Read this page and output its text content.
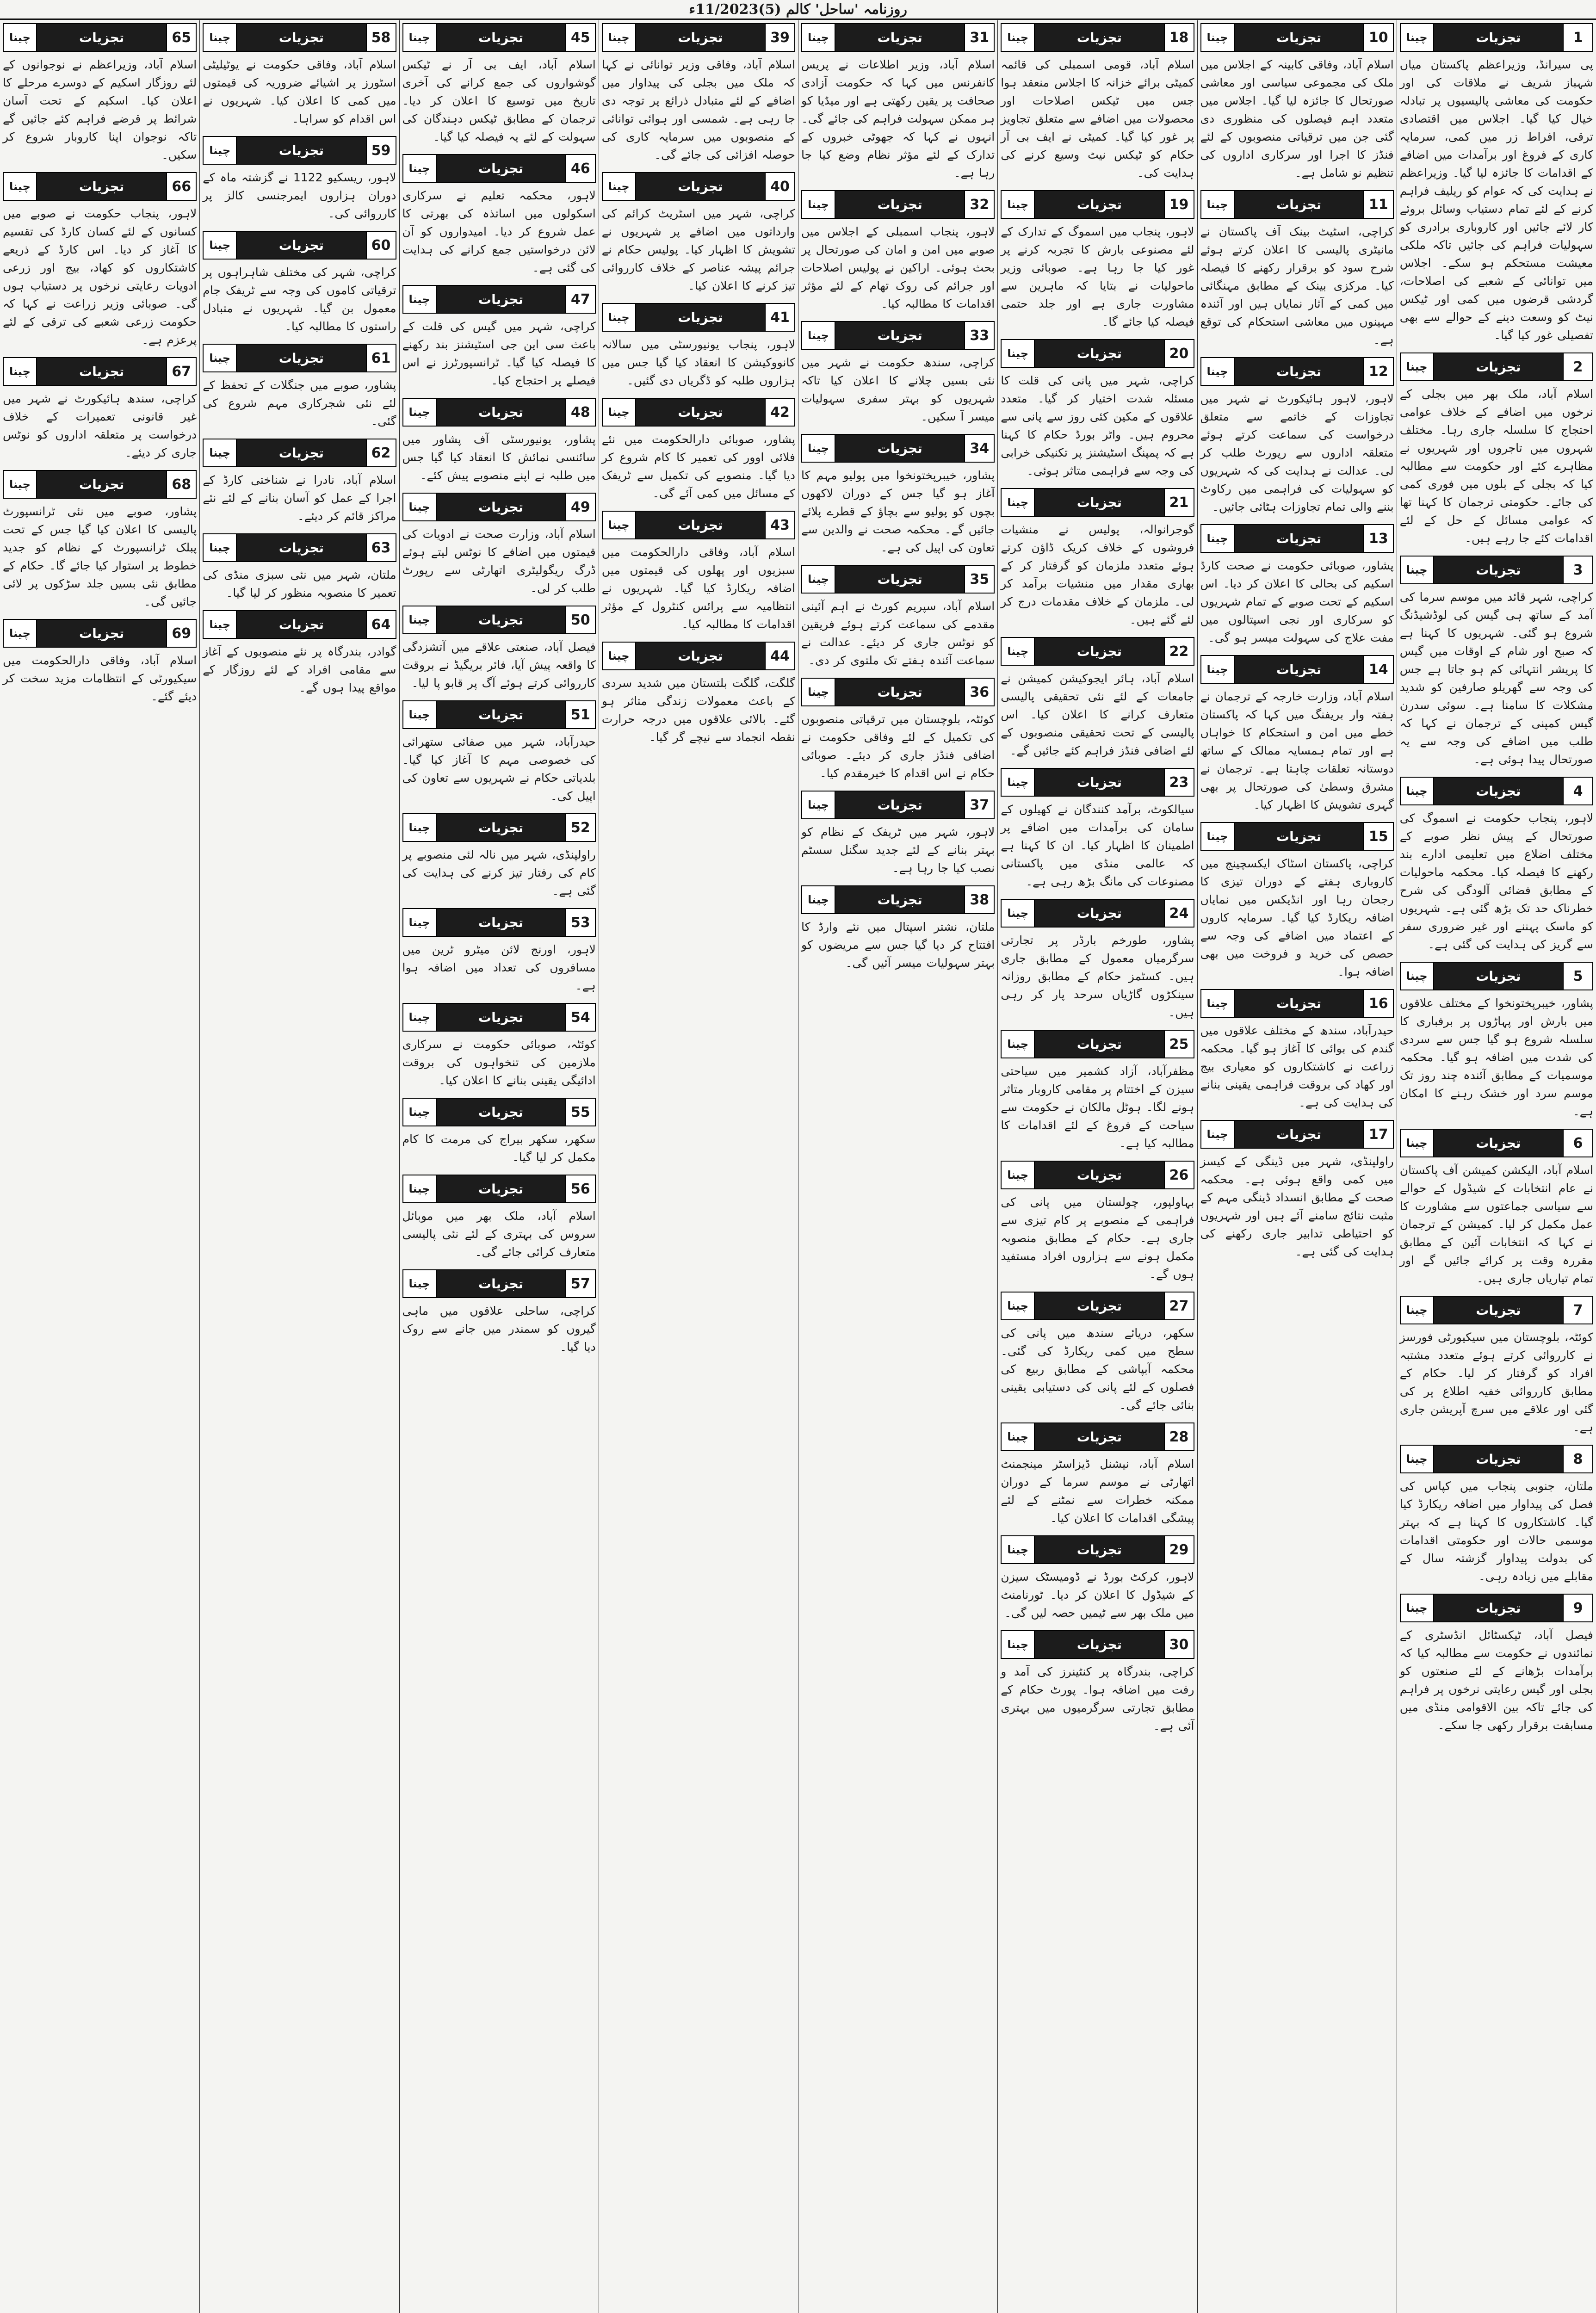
روزنامہ 'ساحل' کالم (5)11/2023ء
1
تجزیات
چینا
پی سیرانڈ، وزیراعظم پاکستان میاں شہباز شریف نے ملاقات کی اور حکومت کی معاشی پالیسیوں پر تبادلہ خیال کیا گیا۔ اجلاس میں اقتصادی ترقی، افراط زر میں کمی، سرمایہ کاری کے فروغ اور برآمدات میں اضافے کے اقدامات کا جائزہ لیا گیا۔ وزیراعظم نے ہدایت کی کہ عوام کو ریلیف فراہم کرنے کے لئے تمام دستیاب وسائل بروئے کار لائے جائیں اور کاروباری برادری کو سہولیات فراہم کی جائیں تاکہ ملکی معیشت مستحکم ہو سکے۔ اجلاس میں توانائی کے شعبے کی اصلاحات، گردشی قرضوں میں کمی اور ٹیکس نیٹ کو وسعت دینے کے حوالے سے بھی تفصیلی غور کیا گیا۔
2
تجزیات
چینا
اسلام آباد، ملک بھر میں بجلی کے نرخوں میں اضافے کے خلاف عوامی احتجاج کا سلسلہ جاری رہا۔ مختلف شہروں میں تاجروں اور شہریوں نے مظاہرے کئے اور حکومت سے مطالبہ کیا کہ بجلی کے بلوں میں فوری کمی کی جائے۔ حکومتی ترجمان کا کہنا تھا کہ عوامی مسائل کے حل کے لئے اقدامات کئے جا رہے ہیں۔
3
تجزیات
چینا
کراچی، شہر قائد میں موسم سرما کی آمد کے ساتھ ہی گیس کی لوڈشیڈنگ شروع ہو گئی۔ شہریوں کا کہنا ہے کہ صبح اور شام کے اوقات میں گیس کا پریشر انتہائی کم ہو جاتا ہے جس کی وجہ سے گھریلو صارفین کو شدید مشکلات کا سامنا ہے۔ سوئی سدرن گیس کمپنی کے ترجمان نے کہا کہ طلب میں اضافے کی وجہ سے یہ صورتحال پیدا ہوئی ہے۔
4
تجزیات
چینا
لاہور، پنجاب حکومت نے اسموگ کی صورتحال کے پیش نظر صوبے کے مختلف اضلاع میں تعلیمی ادارے بند رکھنے کا فیصلہ کیا۔ محکمہ ماحولیات کے مطابق فضائی آلودگی کی شرح خطرناک حد تک بڑھ گئی ہے۔ شہریوں کو ماسک پہننے اور غیر ضروری سفر سے گریز کی ہدایت کی گئی ہے۔
5
تجزیات
چینا
پشاور، خیبرپختونخوا کے مختلف علاقوں میں بارش اور پہاڑوں پر برفباری کا سلسلہ شروع ہو گیا جس سے سردی کی شدت میں اضافہ ہو گیا۔ محکمہ موسمیات کے مطابق آئندہ چند روز تک موسم سرد اور خشک رہنے کا امکان ہے۔
6
تجزیات
چینا
اسلام آباد، الیکشن کمیشن آف پاکستان نے عام انتخابات کے شیڈول کے حوالے سے سیاسی جماعتوں سے مشاورت کا عمل مکمل کر لیا۔ کمیشن کے ترجمان نے کہا کہ انتخابات آئین کے مطابق مقررہ وقت پر کرائے جائیں گے اور تمام تیاریاں جاری ہیں۔
7
تجزیات
چینا
کوئٹہ، بلوچستان میں سیکیورٹی فورسز نے کارروائی کرتے ہوئے متعدد مشتبہ افراد کو گرفتار کر لیا۔ حکام کے مطابق کارروائی خفیہ اطلاع پر کی گئی اور علاقے میں سرچ آپریشن جاری ہے۔
8
تجزیات
چینا
ملتان، جنوبی پنجاب میں کپاس کی فصل کی پیداوار میں اضافہ ریکارڈ کیا گیا۔ کاشتکاروں کا کہنا ہے کہ بہتر موسمی حالات اور حکومتی اقدامات کی بدولت پیداوار گزشتہ سال کے مقابلے میں زیادہ رہی۔
9
تجزیات
چینا
فیصل آباد، ٹیکسٹائل انڈسٹری کے نمائندوں نے حکومت سے مطالبہ کیا کہ برآمدات بڑھانے کے لئے صنعتوں کو بجلی اور گیس رعایتی نرخوں پر فراہم کی جائے تاکہ بین الاقوامی منڈی میں مسابقت برقرار رکھی جا سکے۔
10
تجزیات
چینا
اسلام آباد، وفاقی کابینہ کے اجلاس میں ملک کی مجموعی سیاسی اور معاشی صورتحال کا جائزہ لیا گیا۔ اجلاس میں متعدد اہم فیصلوں کی منظوری دی گئی جن میں ترقیاتی منصوبوں کے لئے فنڈز کا اجرا اور سرکاری اداروں کی تنظیم نو شامل ہے۔
11
تجزیات
چینا
کراچی، اسٹیٹ بینک آف پاکستان نے مانیٹری پالیسی کا اعلان کرتے ہوئے شرح سود کو برقرار رکھنے کا فیصلہ کیا۔ مرکزی بینک کے مطابق مہنگائی میں کمی کے آثار نمایاں ہیں اور آئندہ مہینوں میں معاشی استحکام کی توقع ہے۔
12
تجزیات
چینا
لاہور، لاہور ہائیکورٹ نے شہر میں تجاوزات کے خاتمے سے متعلق درخواست کی سماعت کرتے ہوئے متعلقہ اداروں سے رپورٹ طلب کر لی۔ عدالت نے ہدایت کی کہ شہریوں کو سہولیات کی فراہمی میں رکاوٹ بننے والی تمام تجاوزات ہٹائی جائیں۔
13
تجزیات
چینا
پشاور، صوبائی حکومت نے صحت کارڈ اسکیم کی بحالی کا اعلان کر دیا۔ اس اسکیم کے تحت صوبے کے تمام شہریوں کو سرکاری اور نجی اسپتالوں میں مفت علاج کی سہولت میسر ہو گی۔
14
تجزیات
چینا
اسلام آباد، وزارت خارجہ کے ترجمان نے ہفتہ وار بریفنگ میں کہا کہ پاکستان خطے میں امن و استحکام کا خواہاں ہے اور تمام ہمسایہ ممالک کے ساتھ دوستانہ تعلقات چاہتا ہے۔ ترجمان نے مشرق وسطیٰ کی صورتحال پر بھی گہری تشویش کا اظہار کیا۔
15
تجزیات
چینا
کراچی، پاکستان اسٹاک ایکسچینج میں کاروباری ہفتے کے دوران تیزی کا رجحان رہا اور انڈیکس میں نمایاں اضافہ ریکارڈ کیا گیا۔ سرمایہ کاروں کے اعتماد میں اضافے کی وجہ سے حصص کی خرید و فروخت میں بھی اضافہ ہوا۔
16
تجزیات
چینا
حیدرآباد، سندھ کے مختلف علاقوں میں گندم کی بوائی کا آغاز ہو گیا۔ محکمہ زراعت نے کاشتکاروں کو معیاری بیج اور کھاد کی بروقت فراہمی یقینی بنانے کی ہدایت کی ہے۔
17
تجزیات
چینا
راولپنڈی، شہر میں ڈینگی کے کیسز میں کمی واقع ہوئی ہے۔ محکمہ صحت کے مطابق انسداد ڈینگی مہم کے مثبت نتائج سامنے آئے ہیں اور شہریوں کو احتیاطی تدابیر جاری رکھنے کی ہدایت کی گئی ہے۔
18
تجزیات
چینا
اسلام آباد، قومی اسمبلی کی قائمہ کمیٹی برائے خزانہ کا اجلاس منعقد ہوا جس میں ٹیکس اصلاحات اور محصولات میں اضافے سے متعلق تجاویز پر غور کیا گیا۔ کمیٹی نے ایف بی آر حکام کو ٹیکس نیٹ وسیع کرنے کی ہدایت کی۔
19
تجزیات
چینا
لاہور، پنجاب میں اسموگ کے تدارک کے لئے مصنوعی بارش کا تجربہ کرنے پر غور کیا جا رہا ہے۔ صوبائی وزیر ماحولیات نے بتایا کہ ماہرین سے مشاورت جاری ہے اور جلد حتمی فیصلہ کیا جائے گا۔
20
تجزیات
چینا
کراچی، شہر میں پانی کی قلت کا مسئلہ شدت اختیار کر گیا۔ متعدد علاقوں کے مکین کئی روز سے پانی سے محروم ہیں۔ واٹر بورڈ حکام کا کہنا ہے کہ پمپنگ اسٹیشنز پر تکنیکی خرابی کی وجہ سے فراہمی متاثر ہوئی۔
21
تجزیات
چینا
گوجرانوالہ، پولیس نے منشیات فروشوں کے خلاف کریک ڈاؤن کرتے ہوئے متعدد ملزمان کو گرفتار کر کے بھاری مقدار میں منشیات برآمد کر لی۔ ملزمان کے خلاف مقدمات درج کر لئے گئے ہیں۔
22
تجزیات
چینا
اسلام آباد، ہائر ایجوکیشن کمیشن نے جامعات کے لئے نئی تحقیقی پالیسی متعارف کرانے کا اعلان کیا۔ اس پالیسی کے تحت تحقیقی منصوبوں کے لئے اضافی فنڈز فراہم کئے جائیں گے۔
23
تجزیات
چینا
سیالکوٹ، برآمد کنندگان نے کھیلوں کے سامان کی برآمدات میں اضافے پر اطمینان کا اظہار کیا۔ ان کا کہنا ہے کہ عالمی منڈی میں پاکستانی مصنوعات کی مانگ بڑھ رہی ہے۔
24
تجزیات
چینا
پشاور، طورخم بارڈر پر تجارتی سرگرمیاں معمول کے مطابق جاری ہیں۔ کسٹمز حکام کے مطابق روزانہ سینکڑوں گاڑیاں سرحد پار کر رہی ہیں۔
25
تجزیات
چینا
مظفرآباد، آزاد کشمیر میں سیاحتی سیزن کے اختتام پر مقامی کاروبار متاثر ہونے لگا۔ ہوٹل مالکان نے حکومت سے سیاحت کے فروغ کے لئے اقدامات کا مطالبہ کیا ہے۔
26
تجزیات
چینا
بہاولپور، چولستان میں پانی کی فراہمی کے منصوبے پر کام تیزی سے جاری ہے۔ حکام کے مطابق منصوبہ مکمل ہونے سے ہزاروں افراد مستفید ہوں گے۔
27
تجزیات
چینا
سکھر، دریائے سندھ میں پانی کی سطح میں کمی ریکارڈ کی گئی۔ محکمہ آبپاشی کے مطابق ربیع کی فصلوں کے لئے پانی کی دستیابی یقینی بنائی جائے گی۔
28
تجزیات
چینا
اسلام آباد، نیشنل ڈیزاسٹر مینجمنٹ اتھارٹی نے موسم سرما کے دوران ممکنہ خطرات سے نمٹنے کے لئے پیشگی اقدامات کا اعلان کیا۔
29
تجزیات
چینا
لاہور، کرکٹ بورڈ نے ڈومیسٹک سیزن کے شیڈول کا اعلان کر دیا۔ ٹورنامنٹ میں ملک بھر سے ٹیمیں حصہ لیں گی۔
30
تجزیات
چینا
کراچی، بندرگاہ پر کنٹینرز کی آمد و رفت میں اضافہ ہوا۔ پورٹ حکام کے مطابق تجارتی سرگرمیوں میں بہتری آئی ہے۔
31
تجزیات
چینا
اسلام آباد، وزیر اطلاعات نے پریس کانفرنس میں کہا کہ حکومت آزادی صحافت پر یقین رکھتی ہے اور میڈیا کو ہر ممکن سہولت فراہم کی جائے گی۔ انہوں نے کہا کہ جھوٹی خبروں کے تدارک کے لئے مؤثر نظام وضع کیا جا رہا ہے۔
32
تجزیات
چینا
لاہور، پنجاب اسمبلی کے اجلاس میں صوبے میں امن و امان کی صورتحال پر بحث ہوئی۔ اراکین نے پولیس اصلاحات اور جرائم کی روک تھام کے لئے مؤثر اقدامات کا مطالبہ کیا۔
33
تجزیات
چینا
کراچی، سندھ حکومت نے شہر میں نئی بسیں چلانے کا اعلان کیا تاکہ شہریوں کو بہتر سفری سہولیات میسر آ سکیں۔
34
تجزیات
چینا
پشاور، خیبرپختونخوا میں پولیو مہم کا آغاز ہو گیا جس کے دوران لاکھوں بچوں کو پولیو سے بچاؤ کے قطرے پلائے جائیں گے۔ محکمہ صحت نے والدین سے تعاون کی اپیل کی ہے۔
35
تجزیات
چینا
اسلام آباد، سپریم کورٹ نے اہم آئینی مقدمے کی سماعت کرتے ہوئے فریقین کو نوٹس جاری کر دیئے۔ عدالت نے سماعت آئندہ ہفتے تک ملتوی کر دی۔
36
تجزیات
چینا
کوئٹہ، بلوچستان میں ترقیاتی منصوبوں کی تکمیل کے لئے وفاقی حکومت نے اضافی فنڈز جاری کر دیئے۔ صوبائی حکام نے اس اقدام کا خیرمقدم کیا۔
37
تجزیات
چینا
لاہور، شہر میں ٹریفک کے نظام کو بہتر بنانے کے لئے جدید سگنل سسٹم نصب کیا جا رہا ہے۔
38
تجزیات
چینا
ملتان، نشتر اسپتال میں نئے وارڈ کا افتتاح کر دیا گیا جس سے مریضوں کو بہتر سہولیات میسر آئیں گی۔
39
تجزیات
چینا
اسلام آباد، وفاقی وزیر توانائی نے کہا کہ ملک میں بجلی کی پیداوار میں اضافے کے لئے متبادل ذرائع پر توجہ دی جا رہی ہے۔ شمسی اور ہوائی توانائی کے منصوبوں میں سرمایہ کاری کی حوصلہ افزائی کی جائے گی۔
40
تجزیات
چینا
کراچی، شہر میں اسٹریٹ کرائم کی وارداتوں میں اضافے پر شہریوں نے تشویش کا اظہار کیا۔ پولیس حکام نے جرائم پیشہ عناصر کے خلاف کارروائی تیز کرنے کا اعلان کیا۔
41
تجزیات
چینا
لاہور، پنجاب یونیورسٹی میں سالانہ کانووکیشن کا انعقاد کیا گیا جس میں ہزاروں طلبہ کو ڈگریاں دی گئیں۔
42
تجزیات
چینا
پشاور، صوبائی دارالحکومت میں نئے فلائی اوور کی تعمیر کا کام شروع کر دیا گیا۔ منصوبے کی تکمیل سے ٹریفک کے مسائل میں کمی آئے گی۔
43
تجزیات
چینا
اسلام آباد، وفاقی دارالحکومت میں سبزیوں اور پھلوں کی قیمتوں میں اضافہ ریکارڈ کیا گیا۔ شہریوں نے انتظامیہ سے پرائس کنٹرول کے مؤثر اقدامات کا مطالبہ کیا۔
44
تجزیات
چینا
گلگت، گلگت بلتستان میں شدید سردی کے باعث معمولات زندگی متاثر ہو گئے۔ بالائی علاقوں میں درجہ حرارت نقطہ انجماد سے نیچے گر گیا۔
45
تجزیات
چینا
اسلام آباد، ایف بی آر نے ٹیکس گوشواروں کی جمع کرانے کی آخری تاریخ میں توسیع کا اعلان کر دیا۔ ترجمان کے مطابق ٹیکس دہندگان کی سہولت کے لئے یہ فیصلہ کیا گیا۔
46
تجزیات
چینا
لاہور، محکمہ تعلیم نے سرکاری اسکولوں میں اساتذہ کی بھرتی کا عمل شروع کر دیا۔ امیدواروں کو آن لائن درخواستیں جمع کرانے کی ہدایت کی گئی ہے۔
47
تجزیات
چینا
کراچی، شہر میں گیس کی قلت کے باعث سی این جی اسٹیشنز بند رکھنے کا فیصلہ کیا گیا۔ ٹرانسپورٹرز نے اس فیصلے پر احتجاج کیا۔
48
تجزیات
چینا
پشاور، یونیورسٹی آف پشاور میں سائنسی نمائش کا انعقاد کیا گیا جس میں طلبہ نے اپنے منصوبے پیش کئے۔
49
تجزیات
چینا
اسلام آباد، وزارت صحت نے ادویات کی قیمتوں میں اضافے کا نوٹس لیتے ہوئے ڈرگ ریگولیٹری اتھارٹی سے رپورٹ طلب کر لی۔
50
تجزیات
چینا
فیصل آباد، صنعتی علاقے میں آتشزدگی کا واقعہ پیش آیا، فائر بریگیڈ نے بروقت کارروائی کرتے ہوئے آگ پر قابو پا لیا۔
51
تجزیات
چینا
حیدرآباد، شہر میں صفائی ستھرائی کی خصوصی مہم کا آغاز کیا گیا۔ بلدیاتی حکام نے شہریوں سے تعاون کی اپیل کی۔
52
تجزیات
چینا
راولپنڈی، شہر میں نالہ لئی منصوبے پر کام کی رفتار تیز کرنے کی ہدایت کی گئی ہے۔
53
تجزیات
چینا
لاہور، اورنج لائن میٹرو ٹرین میں مسافروں کی تعداد میں اضافہ ہوا ہے۔
54
تجزیات
چینا
کوئٹہ، صوبائی حکومت نے سرکاری ملازمین کی تنخواہوں کی بروقت ادائیگی یقینی بنانے کا اعلان کیا۔
55
تجزیات
چینا
سکھر، سکھر بیراج کی مرمت کا کام مکمل کر لیا گیا۔
56
تجزیات
چینا
اسلام آباد، ملک بھر میں موبائل سروس کی بہتری کے لئے نئی پالیسی متعارف کرائی جائے گی۔
57
تجزیات
چینا
کراچی، ساحلی علاقوں میں ماہی گیروں کو سمندر میں جانے سے روک دیا گیا۔
58
تجزیات
چینا
اسلام آباد، وفاقی حکومت نے یوٹیلیٹی اسٹورز پر اشیائے ضروریہ کی قیمتوں میں کمی کا اعلان کیا۔ شہریوں نے اس اقدام کو سراہا۔
59
تجزیات
چینا
لاہور، ریسکیو 1122 نے گزشتہ ماہ کے دوران ہزاروں ایمرجنسی کالز پر کارروائی کی۔
60
تجزیات
چینا
کراچی، شہر کی مختلف شاہراہوں پر ترقیاتی کاموں کی وجہ سے ٹریفک جام معمول بن گیا۔ شہریوں نے متبادل راستوں کا مطالبہ کیا۔
61
تجزیات
چینا
پشاور، صوبے میں جنگلات کے تحفظ کے لئے نئی شجرکاری مہم شروع کی گئی۔
62
تجزیات
چینا
اسلام آباد، نادرا نے شناختی کارڈ کے اجرا کے عمل کو آسان بنانے کے لئے نئے مراکز قائم کر دیئے۔
63
تجزیات
چینا
ملتان، شہر میں نئی سبزی منڈی کی تعمیر کا منصوبہ منظور کر لیا گیا۔
64
تجزیات
چینا
گوادر، بندرگاہ پر نئے منصوبوں کے آغاز سے مقامی افراد کے لئے روزگار کے مواقع پیدا ہوں گے۔
65
تجزیات
چینا
اسلام آباد، وزیراعظم نے نوجوانوں کے لئے روزگار اسکیم کے دوسرے مرحلے کا اعلان کیا۔ اسکیم کے تحت آسان شرائط پر قرضے فراہم کئے جائیں گے تاکہ نوجوان اپنا کاروبار شروع کر سکیں۔
66
تجزیات
چینا
لاہور، پنجاب حکومت نے صوبے میں کسانوں کے لئے کسان کارڈ کی تقسیم کا آغاز کر دیا۔ اس کارڈ کے ذریعے کاشتکاروں کو کھاد، بیج اور زرعی ادویات رعایتی نرخوں پر دستیاب ہوں گی۔ صوبائی وزیر زراعت نے کہا کہ حکومت زرعی شعبے کی ترقی کے لئے پرعزم ہے۔
67
تجزیات
چینا
کراچی، سندھ ہائیکورٹ نے شہر میں غیر قانونی تعمیرات کے خلاف درخواست پر متعلقہ اداروں کو نوٹس جاری کر دیئے۔
68
تجزیات
چینا
پشاور، صوبے میں نئی ٹرانسپورٹ پالیسی کا اعلان کیا گیا جس کے تحت پبلک ٹرانسپورٹ کے نظام کو جدید خطوط پر استوار کیا جائے گا۔ حکام کے مطابق نئی بسیں جلد سڑکوں پر لائی جائیں گی۔
69
تجزیات
چینا
اسلام آباد، وفاقی دارالحکومت میں سیکیورٹی کے انتظامات مزید سخت کر دیئے گئے۔
